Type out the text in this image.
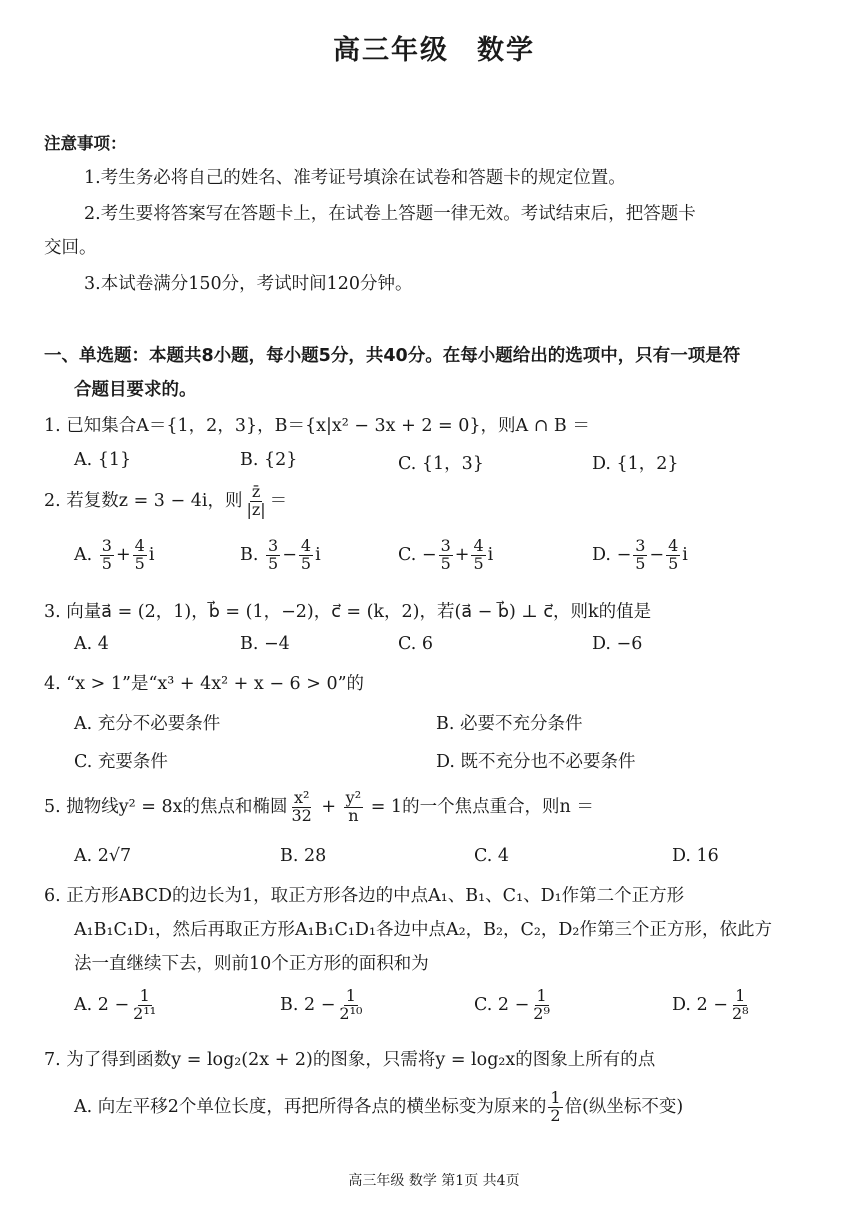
高三年级 数学
注意事项：
1.考生务必将自己的姓名、准考证号填涂在试卷和答题卡的规定位置。
2.考生要将答案写在答题卡上，在试卷上答题一律无效。考试结束后，把答题卡
交回。
3.本试卷满分150分，考试时间120分钟。
一、单选题：本题共8小题，每小题5分，共40分。在每小题给出的选项中，只有一项是符
合题目要求的。
1. 已知集合A＝{1，2，3}，B＝{x|x² − 3x + 2 = 0}，则A ∩ B ＝
A. {1}	B. {2}	C. {1，3}	D. {1，2}
2. 若复数z = 3 − 4i，则 $\frac{z̄}{|z|}$ ＝
A. $\frac{3}{5} + \frac{4}{5}$ i	B. $\frac{3}{5} - \frac{4}{5}$ i	C. − $\frac{3}{5} + \frac{4}{5}$ i	D. − $\frac{3}{5} - \frac{4}{5}$ i
3. 向量a⃗ = (2，1)，b⃗ = (1，−2)，c⃗ = (k，2)，若(a⃗ − b⃗) ⊥ c⃗，则k的值是
A. 4	B. −4	C. 6	D. −6
4. “x > 1”是“x³ + 4x² + x − 6 > 0”的
A. 充分不必要条件	B. 必要不充分条件
C. 充要条件	D. 既不充分也不必要条件
5. 抛物线y² = 8x的焦点和椭圆 $\frac{\text{x²}}{32} + \frac{\text{y²}}{n} = 1$的一个焦点重合，则n ＝
A. 2√7	B. 28	C. 4	D. 16
6. 正方形ABCD的边长为1，取正方形各边的中点A₁、B₁、C₁、D₁作第二个正方形
A₁B₁C₁D₁，然后再取正方形A₁B₁C₁D₁各边中点A₂，B₂，C₂，D₂作第三个正方形，依此方
法一直继续下去，则前10个正方形的面积和为
A. $2 - \frac{1}{\text{2¹¹}}$	B. $2 - \frac{1}{\text{2¹⁰}}$	C. $2 - \frac{1}{\text{2⁹}}$	D. $2 - \frac{1}{\text{2⁸}}$
7. 为了得到函数y = log₂(2x + 2)的图象，只需将y = log₂x的图象上所有的点
A. 向左平移2个单位长度，再把所得各点的横坐标变为原来的 $\frac{1}{2}$ 倍(纵坐标不变)
高三年级 数学 第1页 共4页
